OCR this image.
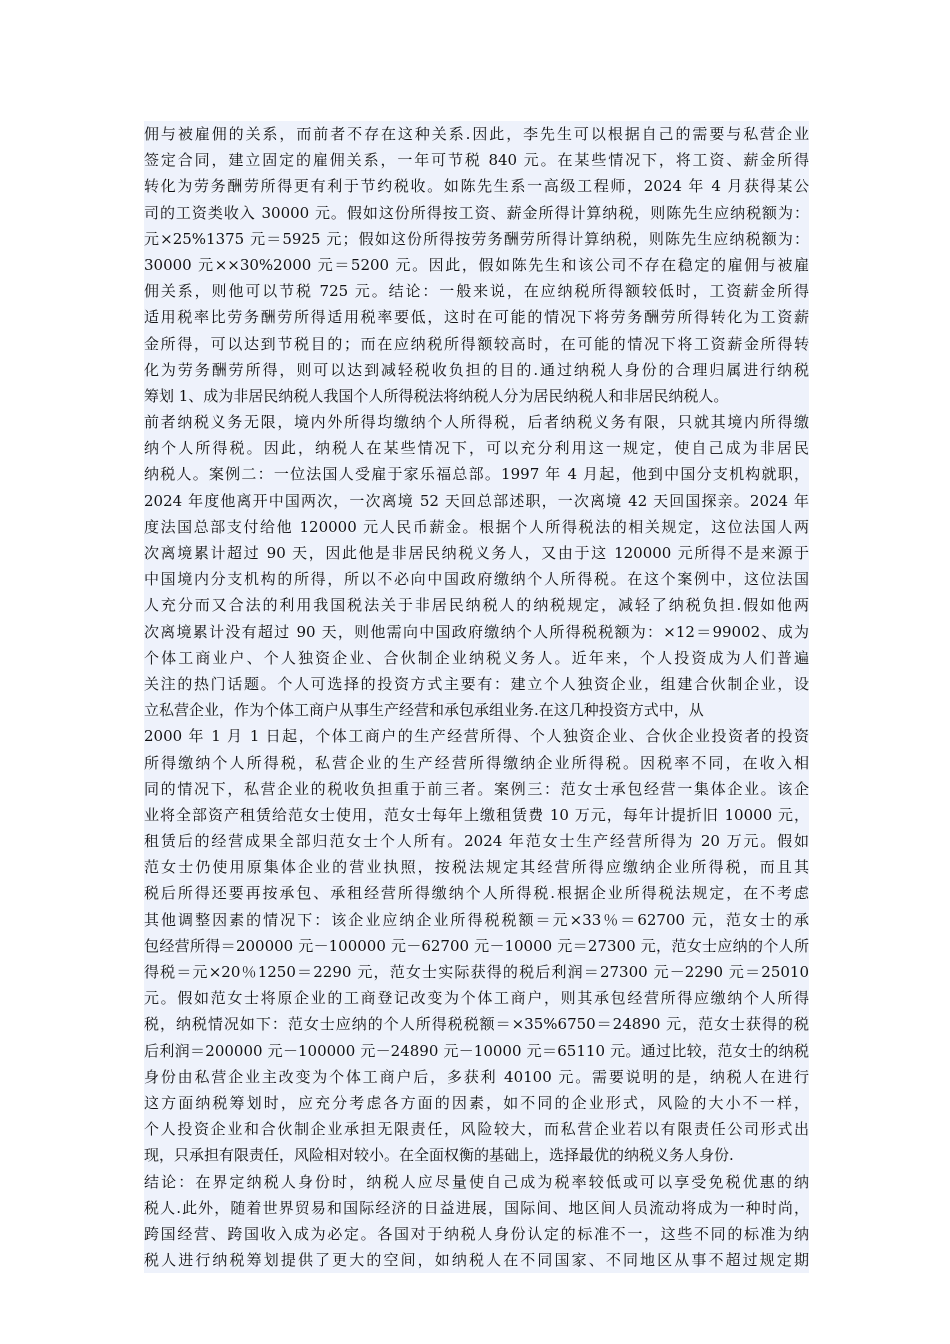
佣与被雇佣的关系，而前者不存在这种关系.因此，李先生可以根据自己的需要与私营企业
签定合同，建立固定的雇佣关系，一年可节税 840 元。在某些情况下，将工资、薪金所得
转化为劳务酬劳所得更有利于节约税收。如陈先生系一高级工程师，2024 年 4 月获得某公
司的工资类收入 30000 元。假如这份所得按工资、薪金所得计算纳税，则陈先生应纳税额为：
元×25%1375 元＝5925 元；假如这份所得按劳务酬劳所得计算纳税，则陈先生应纳税额为：
30000 元××30%2000 元＝5200 元。因此，假如陈先生和该公司不存在稳定的雇佣与被雇
佣关系，则他可以节税 725 元。结论：一般来说，在应纳税所得额较低时，工资薪金所得
适用税率比劳务酬劳所得适用税率要低，这时在可能的情况下将劳务酬劳所得转化为工资薪
金所得，可以达到节税目的；而在应纳税所得额较高时，在可能的情况下将工资薪金所得转
化为劳务酬劳所得，则可以达到减轻税收负担的目的.通过纳税人身份的合理归属进行纳税
筹划 1、成为非居民纳税人我国个人所得税法将纳税人分为居民纳税人和非居民纳税人。
前者纳税义务无限，境内外所得均缴纳个人所得税，后者纳税义务有限，只就其境内所得缴
纳个人所得税。因此，纳税人在某些情况下，可以充分利用这一规定，使自己成为非居民
纳税人。案例二：一位法国人受雇于家乐福总部。1997 年 4 月起，他到中国分支机构就职，
2024 年度他离开中国两次，一次离境 52 天回总部述职，一次离境 42 天回国探亲。2024 年
度法国总部支付给他 120000 元人民币薪金。根据个人所得税法的相关规定，这位法国人两
次离境累计超过 90 天，因此他是非居民纳税义务人，又由于这 120000 元所得不是来源于
中国境内分支机构的所得，所以不必向中国政府缴纳个人所得税。在这个案例中，这位法国
人充分而又合法的利用我国税法关于非居民纳税人的纳税规定，减轻了纳税负担.假如他两
次离境累计没有超过 90 天，则他需向中国政府缴纳个人所得税税额为：×12＝99002、成为
个体工商业户、个人独资企业、合伙制企业纳税义务人。近年来，个人投资成为人们普遍
关注的热门话题。个人可选择的投资方式主要有：建立个人独资企业，组建合伙制企业，设
立私营企业，作为个体工商户从事生产经营和承包承组业务.在这几种投资方式中，从
2000 年 1 月 1 日起，个体工商户的生产经营所得、个人独资企业、合伙企业投资者的投资
所得缴纳个人所得税，私营企业的生产经营所得缴纳企业所得税。因税率不同，在收入相
同的情况下，私营企业的税收负担重于前三者。案例三：范女士承包经营一集体企业。该企
业将全部资产租赁给范女士使用，范女士每年上缴租赁费 10 万元，每年计提折旧 10000 元，
租赁后的经营成果全部归范女士个人所有。2024 年范女士生产经营所得为 20 万元。假如
范女士仍使用原集体企业的营业执照，按税法规定其经营所得应缴纳企业所得税，而且其
税后所得还要再按承包、承租经营所得缴纳个人所得税.根据企业所得税法规定，在不考虑
其他调整因素的情况下：该企业应纳企业所得税税额＝元×33％＝62700 元，范女士的承
包经营所得＝200000 元－100000 元－62700 元－10000 元＝27300 元，范女士应纳的个人所
得税＝元×20％1250＝2290 元，范女士实际获得的税后利润＝27300 元－2290 元＝25010
元。假如范女士将原企业的工商登记改变为个体工商户，则其承包经营所得应缴纳个人所得
税，纳税情况如下：范女士应纳的个人所得税税额＝×35%6750＝24890 元，范女士获得的税
后利润＝200000 元－100000 元－24890 元－10000 元＝65110 元。通过比较，范女士的纳税
身份由私营企业主改变为个体工商户后，多获利 40100 元。需要说明的是，纳税人在进行
这方面纳税筹划时，应充分考虑各方面的因素，如不同的企业形式，风险的大小不一样，
个人投资企业和合伙制企业承担无限责任，风险较大，而私营企业若以有限责任公司形式出
现，只承担有限责任，风险相对较小。在全面权衡的基础上，选择最优的纳税义务人身份.
结论：在界定纳税人身份时，纳税人应尽量使自己成为税率较低或可以享受免税优惠的纳
税人.此外，随着世界贸易和国际经济的日益进展，国际间、地区间人员流动将成为一种时尚，
跨国经营、跨国收入成为必定。各国对于纳税人身份认定的标准不一，这些不同的标准为纳
税人进行纳税筹划提供了更大的空间，如纳税人在不同国家、不同地区从事不超过规定期
